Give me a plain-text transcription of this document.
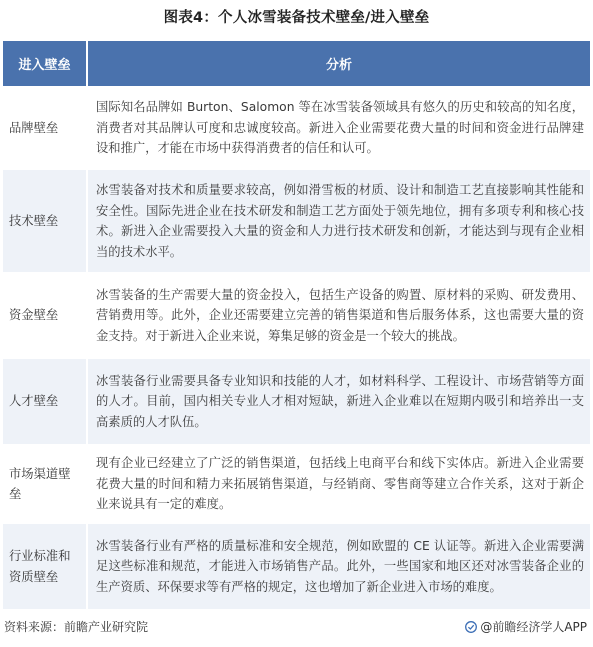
图表4：个人冰雪装备技术壁垒/进入壁垒
进入壁垒	分析
品牌壁垒	国际知名品牌如 Burton、Salomon 等在冰雪装备领域具有悠久的历史和较高的知名度，消费者对其品牌认可度和忠诚度较高。新进入企业需要花费大量的时间和资金进行品牌建设和推广，才能在市场中获得消费者的信任和认可。
技术壁垒	冰雪装备对技术和质量要求较高，例如滑雪板的材质、设计和制造工艺直接影响其性能和安全性。国际先进企业在技术研发和制造工艺方面处于领先地位，拥有多项专利和核心技术。新进入企业需要投入大量的资金和人力进行技术研发和创新，才能达到与现有企业相当的技术水平。
资金壁垒	冰雪装备的生产需要大量的资金投入，包括生产设备的购置、原材料的采购、研发费用、营销费用等。此外，企业还需要建立完善的销售渠道和售后服务体系，这也需要大量的资金支持。对于新进入企业来说，筹集足够的资金是一个较大的挑战。
人才壁垒	冰雪装备行业需要具备专业知识和技能的人才，如材料科学、工程设计、市场营销等方面的人才。目前，国内相关专业人才相对短缺，新进入企业难以在短期内吸引和培养出一支高素质的人才队伍。
市场渠道壁垒	现有企业已经建立了广泛的销售渠道，包括线上电商平台和线下实体店。新进入企业需要花费大量的时间和精力来拓展销售渠道，与经销商、零售商等建立合作关系，这对于新企业来说具有一定的难度。
行业标准和资质壁垒	冰雪装备行业有严格的质量标准和安全规范，例如欧盟的 CE 认证等。新进入企业需要满足这些标准和规范，才能进入市场销售产品。此外，一些国家和地区还对冰雪装备企业的生产资质、环保要求等有严格的规定，这也增加了新企业进入市场的难度。
资料来源：前瞻产业研究院	@前瞻经济学人APP
